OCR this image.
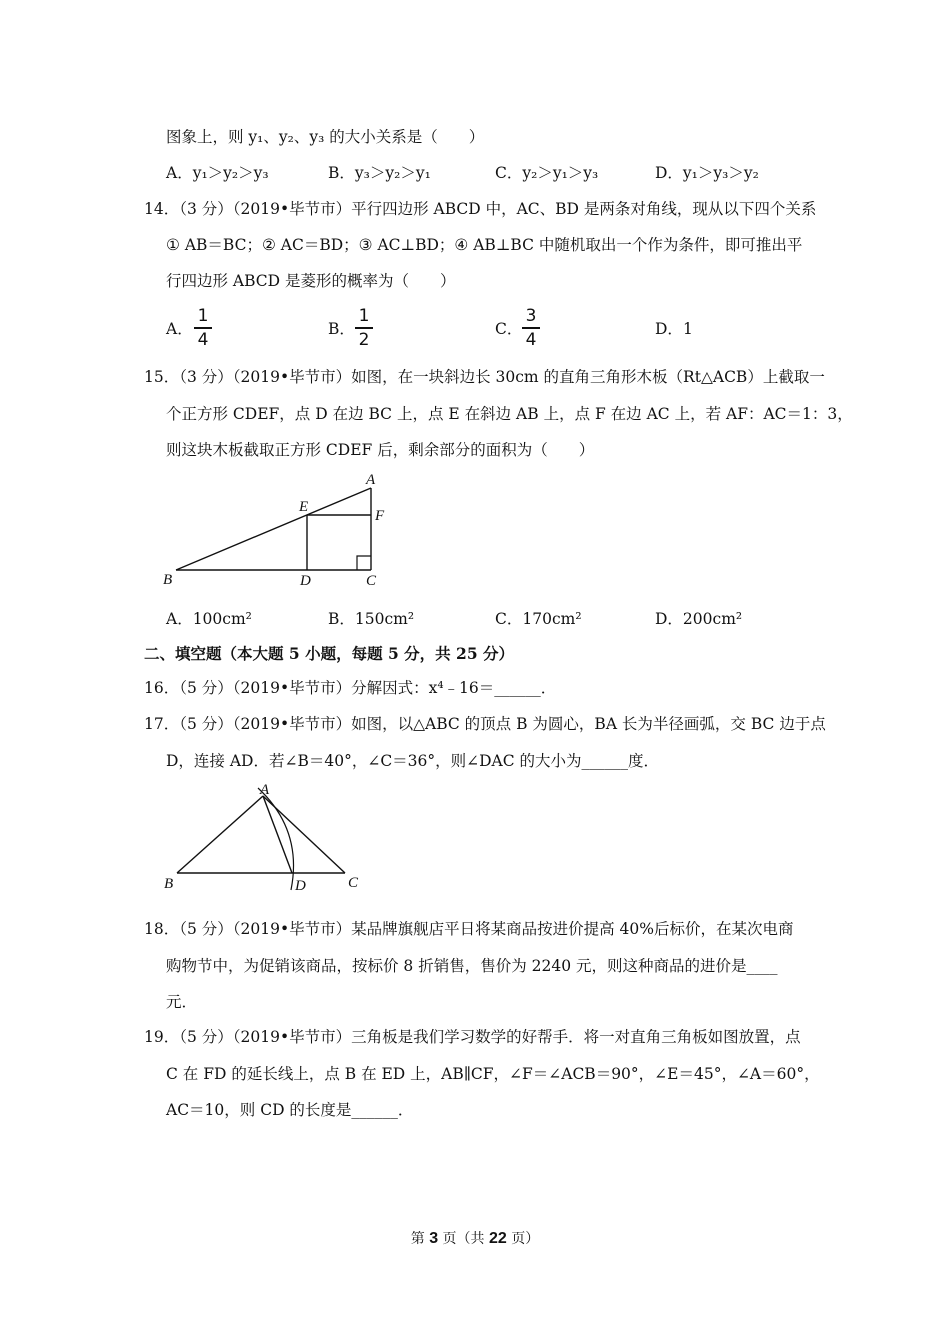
图象上，则 y₁、y₂、y₃ 的大小关系是（　　）
A．y₁＞y₂＞y₃	B．y₃＞y₂＞y₁	C．y₂＞y₁＞y₃	D．y₁＞y₃＞y₂
14．（3 分）（2019•毕节市）平行四边形 ABCD 中，AC、BD 是两条对角线，现从以下四个关系
① AB＝BC；② AC＝BD；③ AC⊥BD；④ AB⊥BC 中随机取出一个作为条件，即可推出平
行四边形 ABCD 是菱形的概率为（　　）
A．
1
4
B．
1
2
C．
3
4
D． 1
15．（3 分）（2019•毕节市）如图，在一块斜边长 30cm 的直角三角形木板（Rt△ACB）上截取一
个正方形 CDEF，点 D 在边 BC 上，点 E 在斜边 AB 上，点 F 在边 AC 上，若 AF：AC＝1：3，
则这块木板截取正方形 CDEF 后，剩余部分的面积为（　　）
A
B	C
D
E
F
A．100cm²	B．150cm²	C．170cm²	D．200cm²
二、填空题（本大题 5 小题，每题 5 分，共 25 分）
16．（5 分）（2019•毕节市）分解因式：x⁴﹣16＝______．
17．（5 分）（2019•毕节市）如图，以△ABC 的顶点 B 为圆心，BA 长为半径画弧，交 BC 边于点
D，连接 AD．若∠B＝40°，∠C＝36°，则∠DAC 的大小为______度．
A
B	C
D
18．（5 分）（2019•毕节市）某品牌旗舰店平日将某商品按进价提高 40%后标价，在某次电商
购物节中，为促销该商品，按标价 8 折销售，售价为 2240 元，则这种商品的进价是____
元．
19．（5 分）（2019•毕节市）三角板是我们学习数学的好帮手．将一对直角三角板如图放置，点
C 在 FD 的延长线上，点 B 在 ED 上，AB∥CF，∠F＝∠ACB＝90°，∠E＝45°，∠A＝60°，
AC＝10，则 CD 的长度是______．
第 3 页（共 22 页）
